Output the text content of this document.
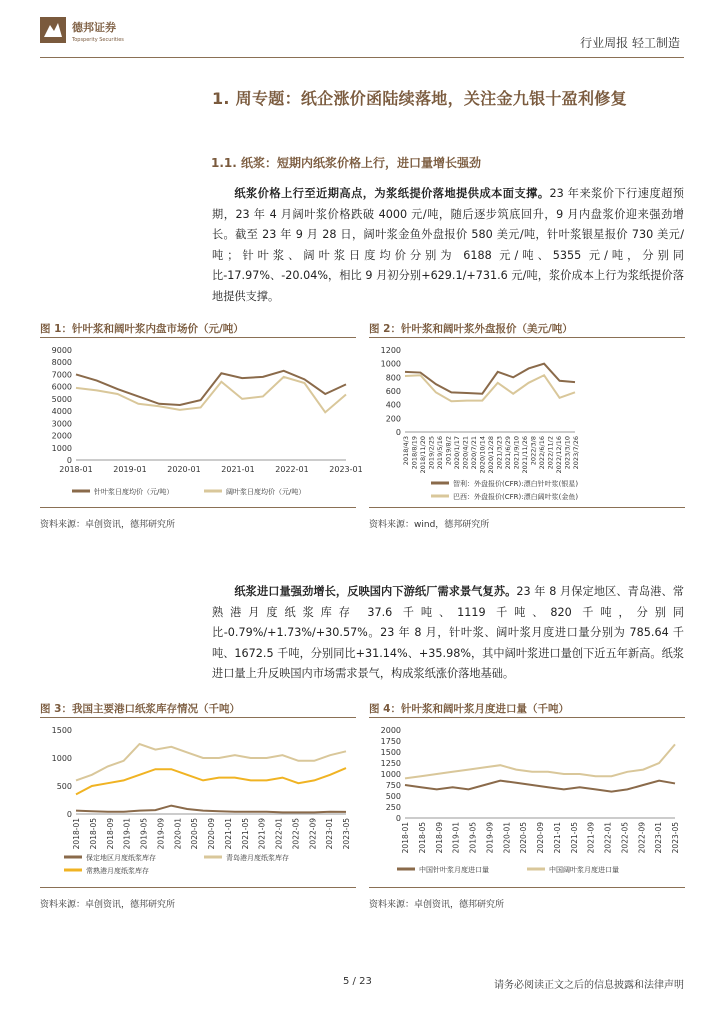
德邦证券
Topsperity Securities	行业周报 轻工制造
1. 周专题：纸企涨价函陆续落地，关注金九银十盈利修复
1.1. 纸浆：短期内纸浆价格上行，进口量增长强劲
纸浆价格上行至近期高点，为浆纸提价落地提供成本面支撑。23 年来浆价下行速度超预期，23 年 4 月阔叶浆价格跌破 4000 元/吨，随后逐步筑底回升，9 月内盘浆价迎来强劲增长。截至 23 年 9 月 28 日，阔叶浆金鱼外盘报价 580 美元/吨，针叶浆银星报价 730 美元/吨；针叶浆、阔叶浆日度均价分别为 6188 元/吨、5355 元/吨，分别同比-17.97%、-20.04%，相比 9 月初分别+629.1/+731.6 元/吨，浆价成本上行为浆纸提价落地提供支撑。
图 1：针叶浆和阔叶浆内盘市场价（元/吨）
0
1000
2000
3000
4000
5000
6000
7000
8000
9000
2018-01	2019-01	2020-01	2021-01	2022-01	2023-01
针叶浆日度均价（元/吨）	阔叶浆日度均价（元/吨）
资料来源：卓创资讯，德邦研究所
图 2：针叶浆和阔叶浆外盘报价（美元/吨）
0
200
400
600
800
1000
1200
2018/4/3 2018/8/19 2018/11/20 2019/2/25 2019/5/16 2019/8/2 2020/1/17 2020/4/21 2020/7/21 2020/10/14 2020/12/28 2021/3/23 2021/6/29 2021/9/10 2021/11/26 2022/3/8 2022/6/16 2022/11/2 2022/12/16 2023/3/10 2023/7/26
智利：外盘报价(CFR):漂白针叶浆(银星)
巴西：外盘报价(CFR):漂白阔叶浆(金鱼)
资料来源：wind，德邦研究所
纸浆进口量强劲增长，反映国内下游纸厂需求景气复苏。23 年 8 月保定地区、青岛港、常熟港月度纸浆库存 37.6 千吨、1119 千吨、820 千吨，分别同比-0.79%/+1.73%/+30.57%。23 年 8 月，针叶浆、阔叶浆月度进口量分别为 785.64 千吨、1672.5 千吨，分别同比+31.14%、+35.98%，其中阔叶浆进口量创下近五年新高。纸浆进口量上升反映国内市场需求景气，构成浆纸涨价落地基础。
图 3：我国主要港口纸浆库存情况（千吨）
0
500
1000
1500
2018-01 2018-05 2018-09 2019-01 2019-05 2019-09 2020-01 2020-05 2020-09 2021-01 2021-05 2021-09 2022-01 2022-05 2022-09 2023-01 2023-05
保定地区月度纸浆库存	青岛港月度纸浆库存
常熟港月度纸浆库存
资料来源：卓创资讯，德邦研究所
图 4：针叶浆和阔叶浆月度进口量（千吨）
0
250
500
750
1000
1250
1500
1750
2000
2018-01 2018-05 2018-09 2019-01 2019-05 2019-09 2020-01 2020-05 2020-09 2021-01 2021-05 2021-09 2022-01 2022-05 2022-09 2023-01 2023-05
中国针叶浆月度进口量	中国阔叶浆月度进口量
资料来源：卓创资讯，德邦研究所
5 / 23	请务必阅读正文之后的信息披露和法律声明
